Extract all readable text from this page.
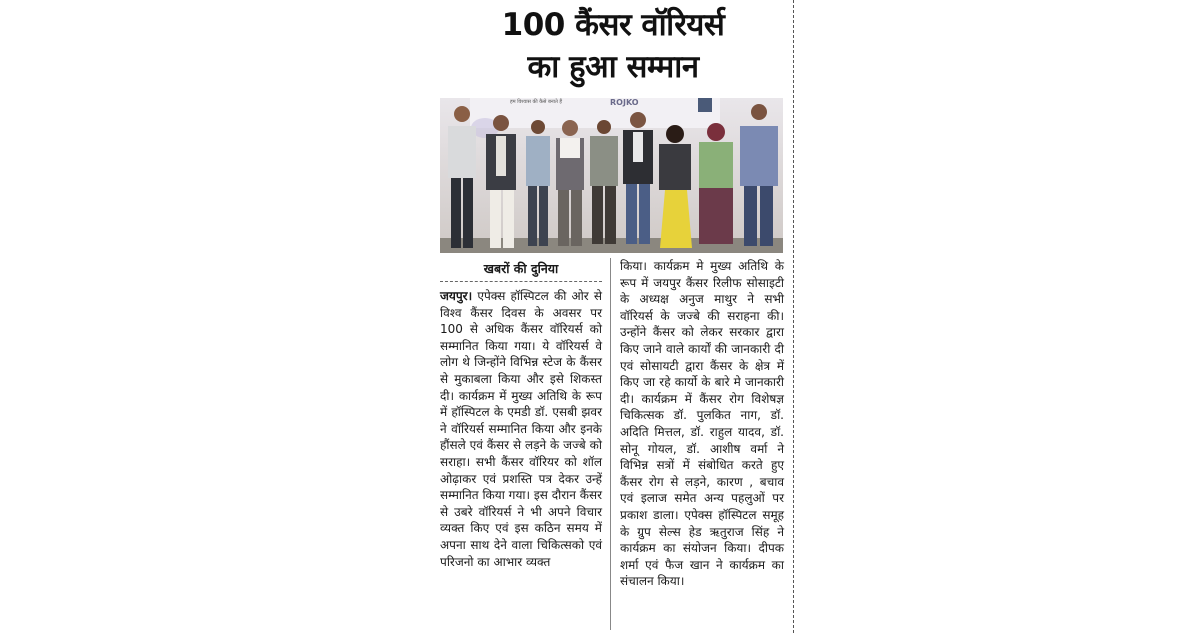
100 कैंसर वॉरियर्स
का हुआ सम्मान
हम विश्वास की कैसे बनाते हैं	ROJKO
खबरों की दुनिया
जयपुर। एपेक्स हॉस्पिटल की ओर से विश्व कैंसर दिवस के अवसर पर 100 से अधिक कैंसर वॉरियर्स को सम्मानित किया गया। ये वॉरियर्स वे लोग थे जिन्होंने विभिन्न स्टेज के कैंसर से मुकाबला किया और इसे शिकस्त दी। कार्यक्रम में मुख्य अतिथि के रूप में हॉस्पिटल के एमडी डॉ. एसबी झवर ने वॉरियर्स सम्मानित किया और इनके हौंसले एवं कैंसर से लड़ने के जज्बे को सराहा। सभी कैंसर वॉरियर को शॉल ओढ़ाकर एवं प्रशस्ति पत्र देकर उन्हें सम्मानित किया गया। इस दौरान कैंसर से उबरे वॉरियर्स ने भी अपने विचार व्यक्त किए एवं इस कठिन समय में अपना साथ देने वाला चिकित्सको एवं परिजनो का आभार व्यक्त
किया। कार्यक्रम मे मुख्य अतिथि के रूप में जयपुर कैंसर रिलीफ सोसाइटी के अध्यक्ष अनुज माथुर ने सभी वॉरियर्स के जज्बे की सराहना की। उन्होंने कैंसर को लेकर सरकार द्वारा किए जाने वाले कार्यों की जानकारी दी एवं सोसायटी द्वारा कैंसर के क्षेत्र में किए जा रहे कार्यो के बारे मे जानकारी दी। कार्यक्रम में कैंसर रोग विशेषज्ञ चिकित्सक डॉ. पुलकित नाग, डॉ. अदिति मित्तल, डॉ. राहुल यादव, डॉ. सोनू गोयल, डॉ. आशीष वर्मा ने विभिन्न सत्रों में संबोधित करते हुए कैंसर रोग से लड़ने, कारण , बचाव एवं इलाज समेत अन्य पहलुओं पर प्रकाश डाला। एपेक्स हॉस्पिटल समूह के ग्रुप सेल्स हेड ऋतुराज सिंह ने कार्यक्रम का संयोजन किया। दीपक शर्मा एवं फैज खान ने कार्यक्रम का संचालन किया।
